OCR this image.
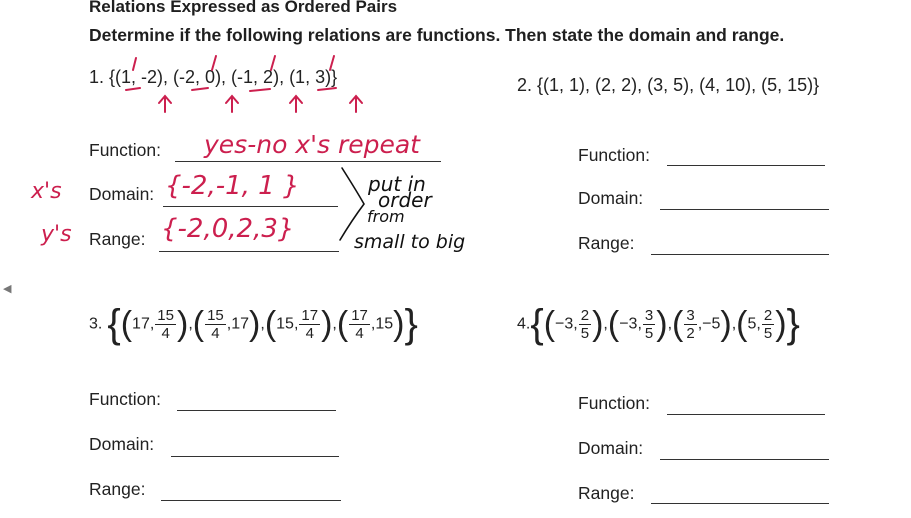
Relations Expressed as Ordered Pairs
Determine if the following relations are functions. Then state the domain and range.
◀
1. {(1, -2), (-2, 0), (-1, 2), (1, 3)}
Function: yes-no x's repeat
x's Domain: {-2,-1, 1 }
y's Range: {-2,0,2,3}
put in
order
from
small to big
2. {(1, 1), (2, 2), (3, 5), (4, 10), (5, 15)}
Function:
Domain:
Range:
3. {(17, $\frac{15}{4}$ ),( $\frac{15}{4} ,17),(15$, $\frac{17}{4}$ ),( $\frac{17}{4} ,15$)}
Function:
Domain:
Range:
4.{(−3, $\frac{2}{5} ),(-3$, $\frac{3}{5}$ ),( $\frac{3}{2} ,-5),(5$, $\frac{2}{5}$ )}
Function:
Domain:
Range:
